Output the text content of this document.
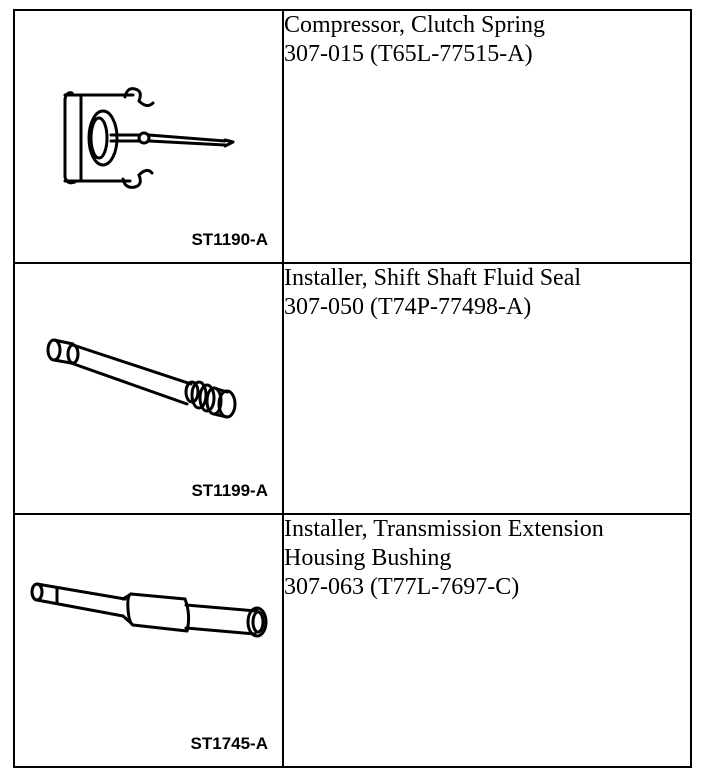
ST1190-A	Compressor, Clutch Spring
307-015 (T65L-77515-A)

ST1199-A	Installer, Shift Shaft Fluid Seal
307-050 (T74P-77498-A)

ST1745-A	Installer, Transmission Extension
Housing Bushing
307-063 (T77L-7697-C)
